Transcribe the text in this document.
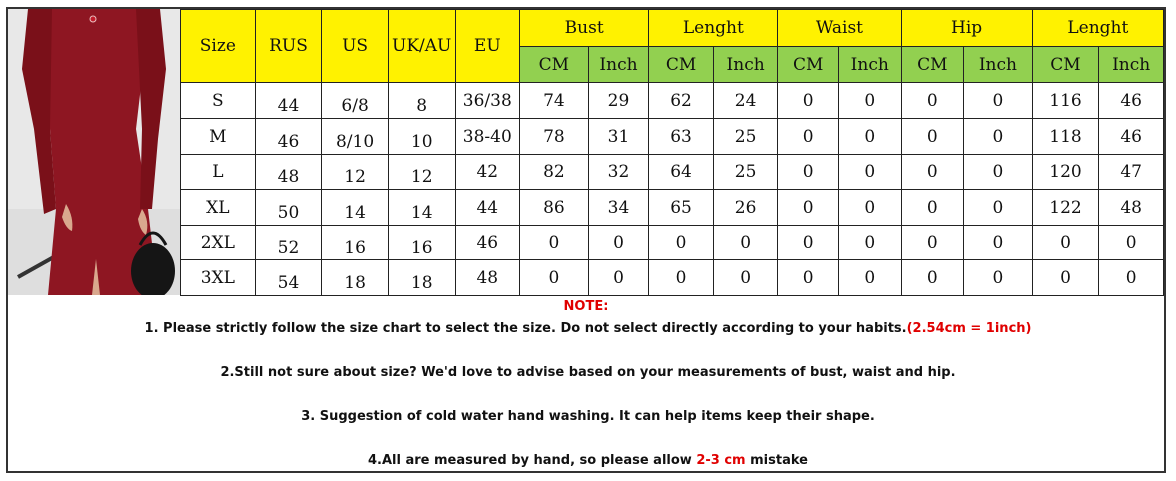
Size	RUS	US	UK/AU	EU	Bust		Lenght		Waist		Hip		Lenght	
					CM	Inch	CM	Inch	CM	Inch	CM	Inch	CM	Inch
S	44	6/8	8	36/38	74	29	62	24	0	0	0	0	116	46
M	46	8/10	10	38-40	78	31	63	25	0	0	0	0	118	46
L	48	12	12	42	82	32	64	25	0	0	0	0	120	47
XL	50	14	14	44	86	34	65	26	0	0	0	0	122	48
2XL	52	16	16	46	0	0	0	0	0	0	0	0	0	0
3XL	54	18	18	48	0	0	0	0	0	0	0	0	0	0
NOTE:
1. Please strictly follow the size chart to select the size. Do not select directly according to your habits.(2.54cm = 1inch)
2.Still not sure about size? We'd love to advise based on your measurements of bust, waist and hip.
3. Suggestion of cold water hand washing. It can help items keep their shape.
4.All are measured by hand, so please allow 2-3 cm mistake
